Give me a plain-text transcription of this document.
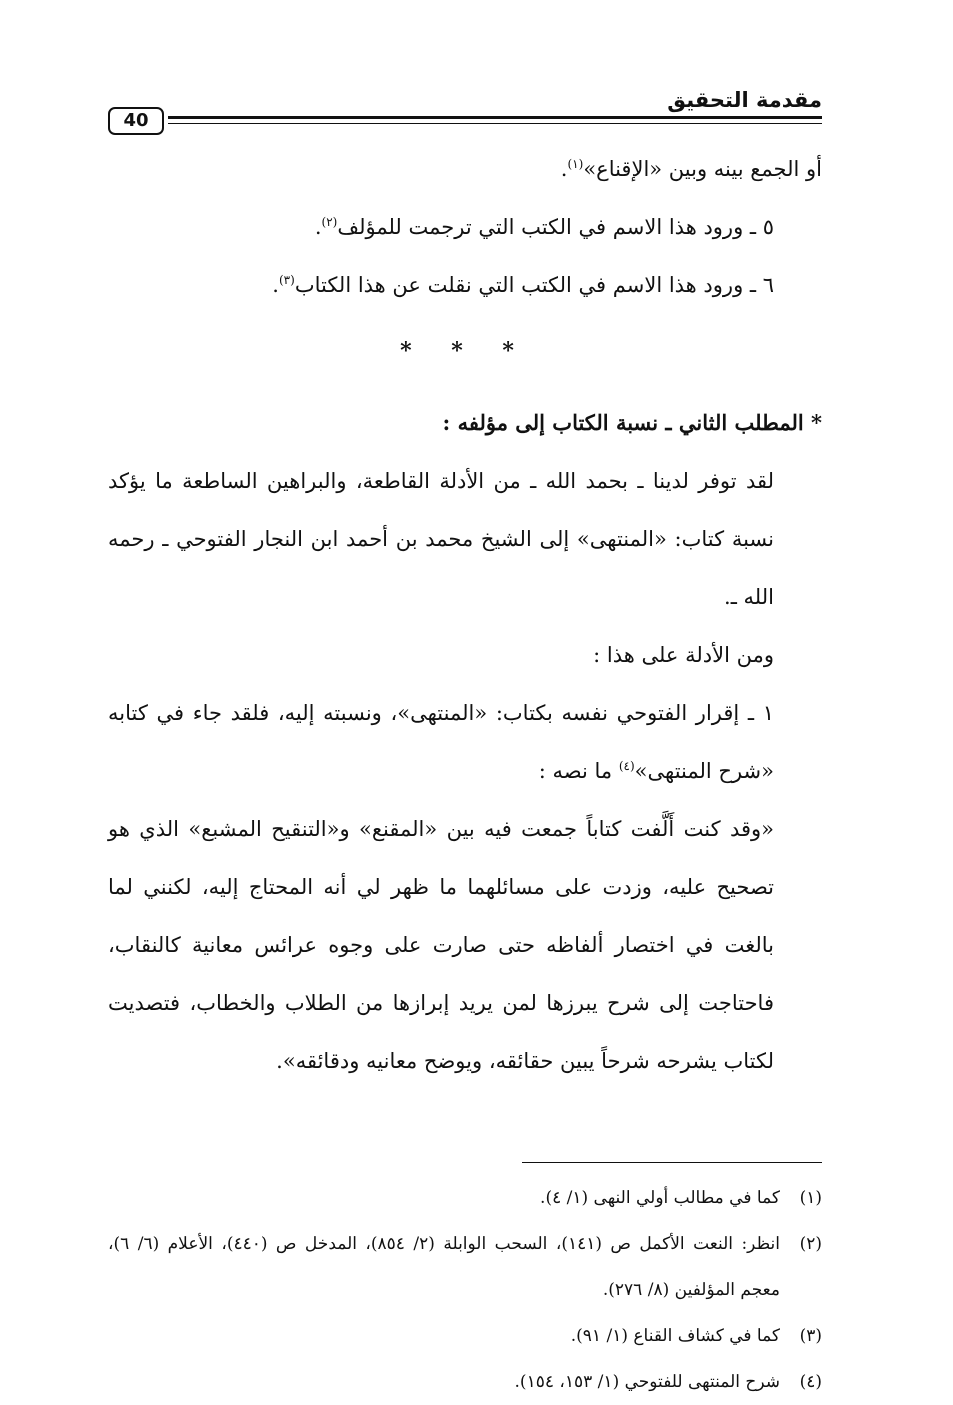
مقدمة التحقيق
40

أو الجمع بينه وبين «الإقناع»$^{(١)}$.

٥ ـ ورود هذا الاسم في الكتب التي ترجمت للمؤلف$^{(٢)}$.

٦ ـ ورود هذا الاسم في الكتب التي نقلت عن هذا الكتاب$^{(٣)}$.

* * *

* المطلب الثاني ـ نسبة الكتاب إلى مؤلفه :

لقد توفر لدينا ـ بحمد الله ـ من الأدلة القاطعة، والبراهين الساطعة ما يؤكد نسبة كتاب: «المنتهى» إلى الشيخ محمد بن أحمد ابن النجار الفتوحي ـ رحمه الله ـ.

ومن الأدلة على هذا :

١ ـ إقرار الفتوحي نفسه بكتاب: «المنتهى»، ونسبته إليه، فلقد جاء في كتابه «شرح المنتهى»$^{(٤)}$ ما نصه :

«وقد كنت أَلَّفت كتاباً جمعت فيه بين «المقنع» و«التنقيح المشبع» الذي هو تصحيح عليه، وزدت على مسائلهما ما ظهر لي أنه المحتاج إليه، لكنني لما بالغت في اختصار ألفاظه حتى صارت على وجوه عرائس معانية كالنقاب، فاحتاجت إلى شرح يبرزها لمن يريد إبرازها من الطلاب والخطاب، فتصديت لكتاب يشرحه شرحاً يبين حقائقه، ويوضح معانيه ودقائقه».

(١)
كما في مطالب أولي النهى (١/ ٤).
(٢)
انظر: النعت الأكمل ص (١٤١)، السحب الوابلة (٢/ ٨٥٤)، المدخل ص (٤٤٠)، الأعلام (٦/ ٦)، معجم المؤلفين (٨/ ٢٧٦).
(٣)
كما في كشاف القناع (١/ ٩١).
(٤)
شرح المنتهى للفتوحي (١/ ١٥٣، ١٥٤).
